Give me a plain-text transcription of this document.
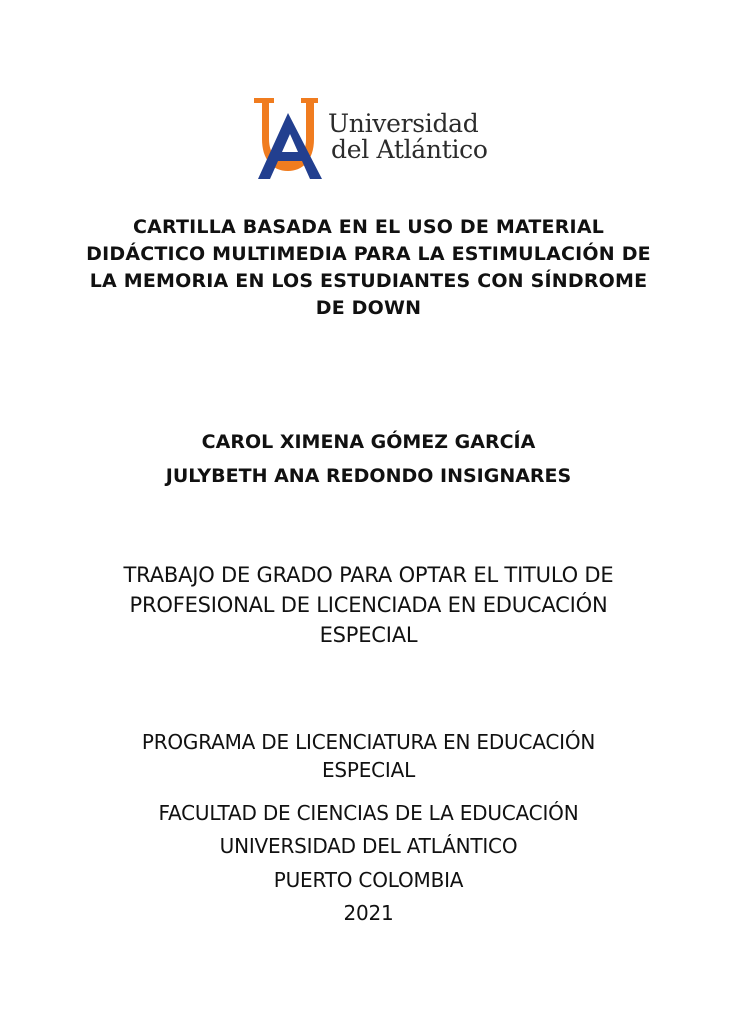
Universidad
del Atlántico
CARTILLA BASADA EN EL USO DE MATERIAL
DIDÁCTICO MULTIMEDIA PARA LA ESTIMULACIÓN DE
LA MEMORIA EN LOS ESTUDIANTES CON SÍNDROME
DE DOWN
CAROL XIMENA GÓMEZ GARCÍA
JULYBETH ANA REDONDO INSIGNARES
TRABAJO DE GRADO PARA OPTAR EL TITULO DE
PROFESIONAL DE LICENCIADA EN EDUCACIÓN
ESPECIAL
PROGRAMA DE LICENCIATURA EN EDUCACIÓN
ESPECIAL
FACULTAD DE CIENCIAS DE LA EDUCACIÓN
UNIVERSIDAD DEL ATLÁNTICO
PUERTO COLOMBIA
2021
